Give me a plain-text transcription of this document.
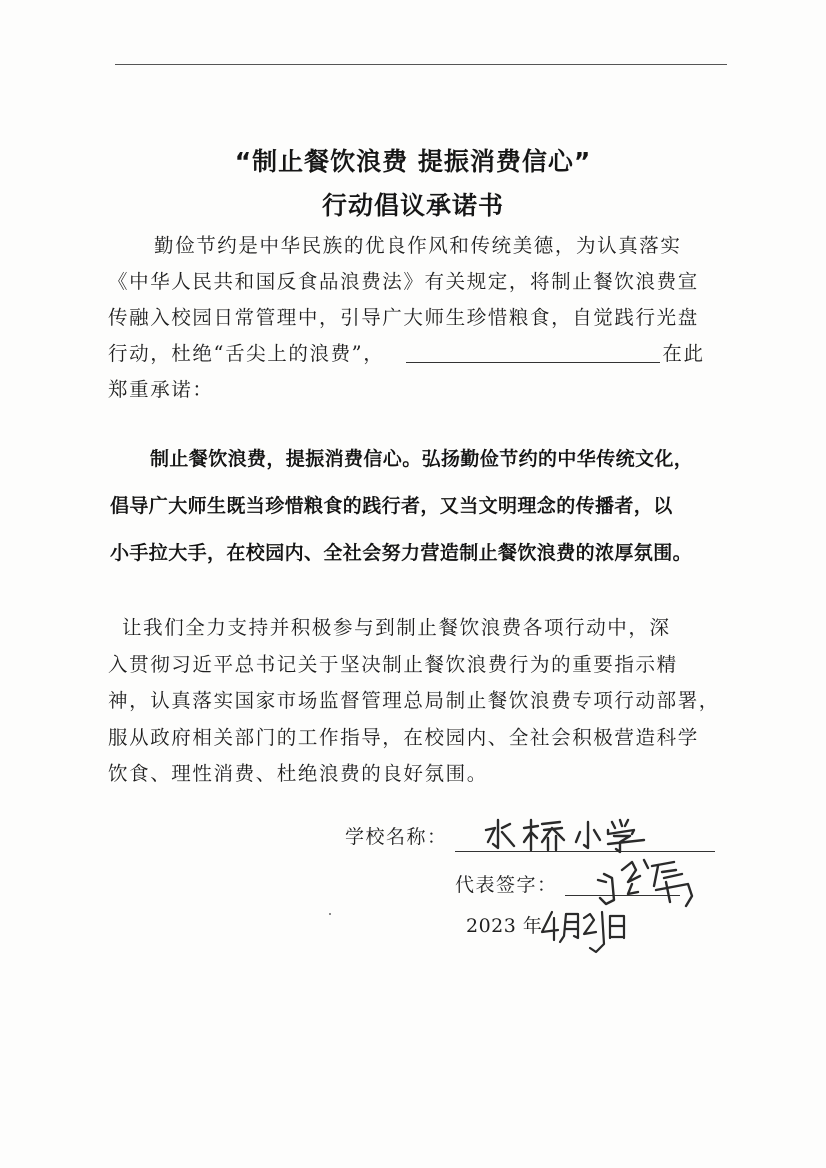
“制止餐饮浪费 提振消费信心”
行动倡议承诺书
勤俭节约是中华民族的优良作风和传统美德，为认真落实
《中华人民共和国反食品浪费法》有关规定，将制止餐饮浪费宣
传融入校园日常管理中，引导广大师生珍惜粮食，自觉践行光盘
行动，杜绝“舌尖上的浪费”，	在此
郑重承诺：
制止餐饮浪费，提振消费信心。弘扬勤俭节约的中华传统文化，
倡导广大师生既当珍惜粮食的践行者，又当文明理念的传播者，以
小手拉大手，在校园内、全社会努力营造制止餐饮浪费的浓厚氛围。
让我们全力支持并积极参与到制止餐饮浪费各项行动中，深
入贯彻习近平总书记关于坚决制止餐饮浪费行为的重要指示精
神，认真落实国家市场监督管理总局制止餐饮浪费专项行动部署，
服从政府相关部门的工作指导，在校园内、全社会积极营造科学
饮食、理性消费、杜绝浪费的良好氛围。
学校名称：
代表签字：
2023 年
